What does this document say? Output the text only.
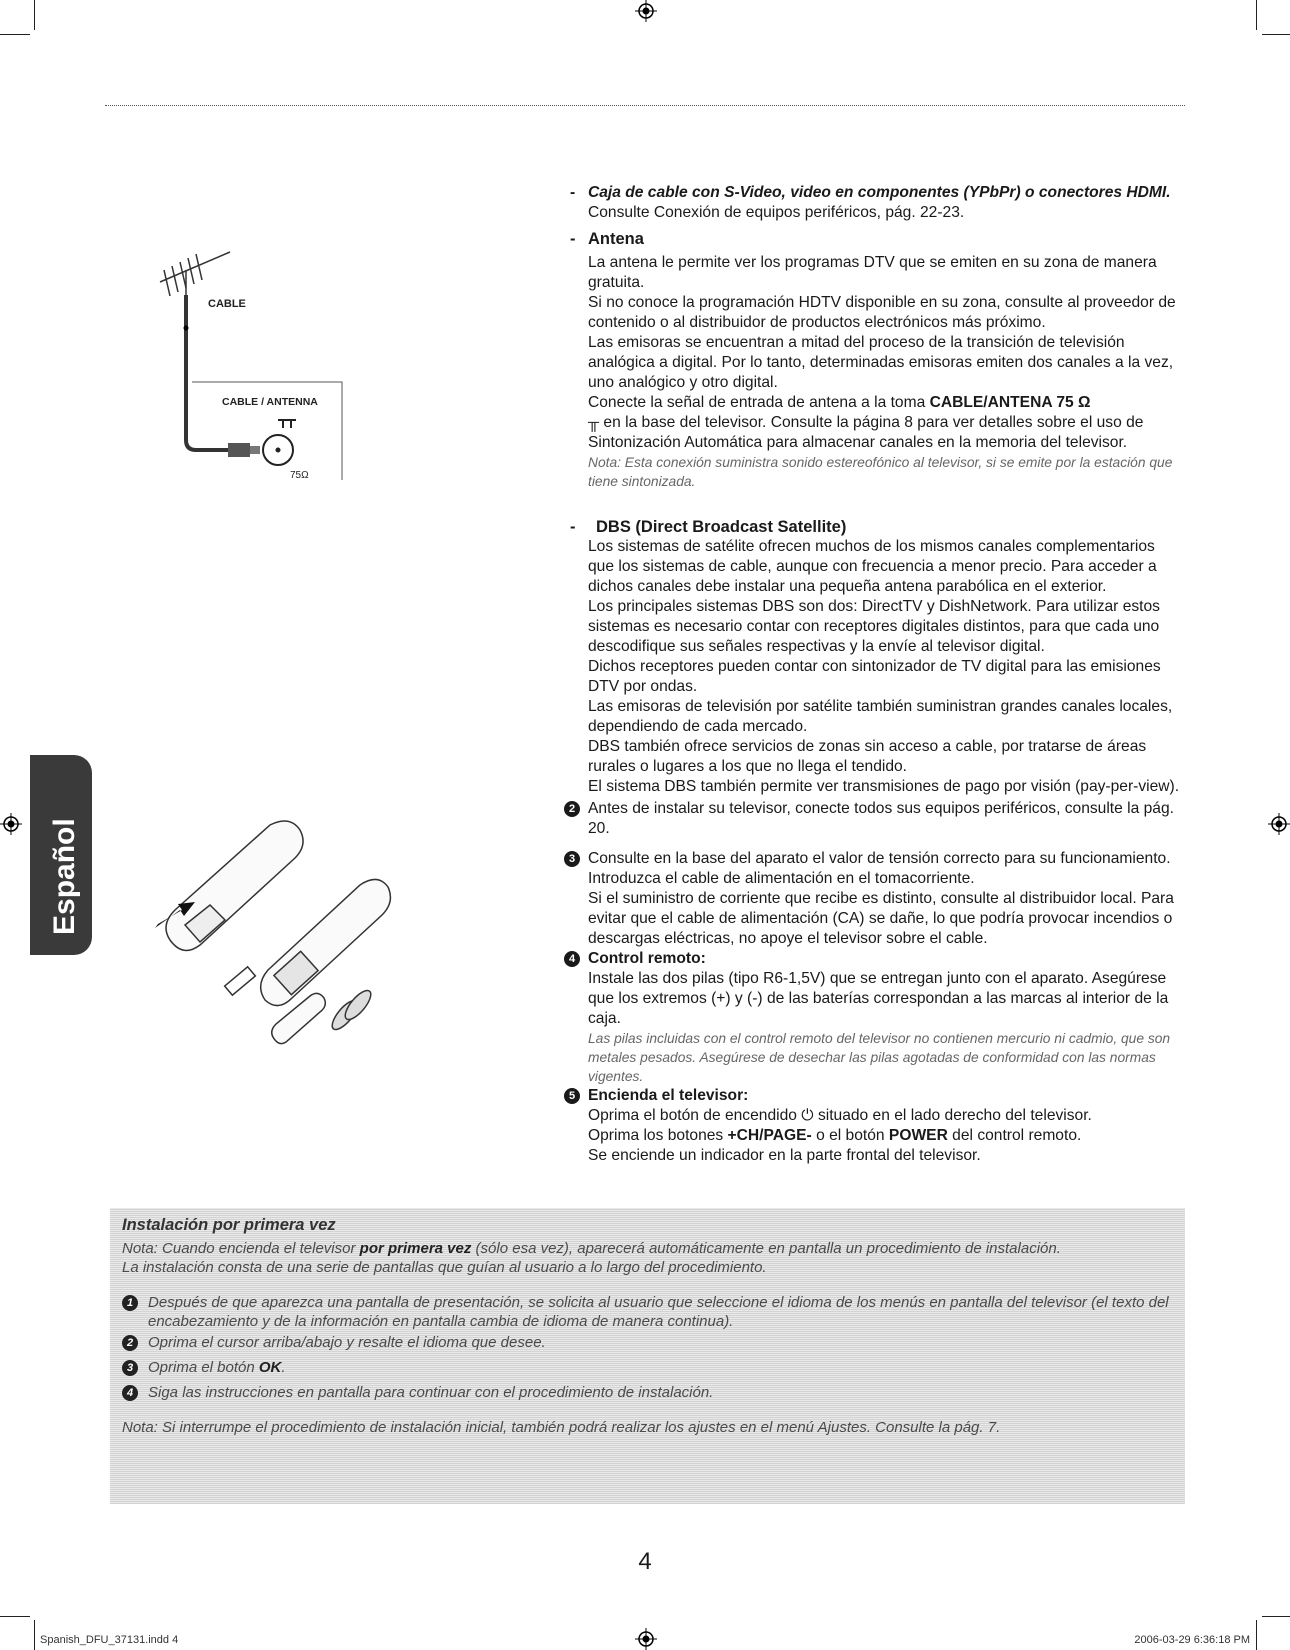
CABLE
CABLE / ANTENNA
75Ω
Español

- Caja de cable con S-Video, video en componentes (YPbPr) o conectores HDMI. Consulte Conexión de equipos periféricos, pág. 22-23.

- Antena

La antena le permite ver los programas DTV que se emiten en su zona de manera gratuita.

Si no conoce la programación HDTV disponible en su zona, consulte al proveedor de contenido o al distribuidor de productos electrónicos más próximo.

Las emisoras se encuentran a mitad del proceso de la transición de televisión analógica a digital. Por lo tanto, determinadas emisoras emiten dos canales a la vez, uno analógico y otro digital.

Conecte la señal de entrada de antena a la toma CABLE/ANTENA 75 Ω
╥ en la base del televisor. Consulte la página 8 para ver detalles sobre el uso de Sintonización Automática para almacenar canales en la memoria del televisor.

Nota: Esta conexión suministra sonido estereofónico al televisor, si se emite por la estación que tiene sintonizada.

- DBS (Direct Broadcast Satellite)

Los sistemas de satélite ofrecen muchos de los mismos canales complementarios que los sistemas de cable, aunque con frecuencia a menor precio. Para acceder a dichos canales debe instalar una pequeña antena parabólica en el exterior.

Los principales sistemas DBS son dos: DirectTV y DishNetwork. Para utilizar estos sistemas es necesario contar con receptores digitales distintos, para que cada uno descodifique sus señales respectivas y la envíe al televisor digital.

Dichos receptores pueden contar con sintonizador de TV digital para las emisiones DTV por ondas.

Las emisoras de televisión por satélite también suministran grandes canales locales, dependiendo de cada mercado.

DBS también ofrece servicios de zonas sin acceso a cable, por tratarse de áreas rurales o lugares a los que no llega el tendido.

El sistema DBS también permite ver transmisiones de pago por visión (pay-per-view).

2 Antes de instalar su televisor, conecte todos sus equipos periféricos, consulte la pág. 20.

3 Consulte en la base del aparato el valor de tensión correcto para su funcionamiento. Introduzca el cable de alimentación en el tomacorriente.

Si el suministro de corriente que recibe es distinto, consulte al distribuidor local. Para evitar que el cable de alimentación (CA) se dañe, lo que podría provocar incendios o descargas eléctricas, no apoye el televisor sobre el cable.

4 Control remoto:

Instale las dos pilas (tipo R6-1,5V) que se entregan junto con el aparato. Asegúrese que los extremos (+) y (-) de las baterías correspondan a las marcas al interior de la caja.

Las pilas incluidas con el control remoto del televisor no contienen mercurio ni cadmio, que son metales pesados. Asegúrese de desechar las pilas agotadas de conformidad con las normas vigentes.

5 Encienda el televisor:

Oprima el botón de encendido ⏻ situado en el lado derecho del televisor.

Oprima los botones +CH/PAGE- o el botón POWER del control remoto.

Se enciende un indicador en la parte frontal del televisor.

Instalación por primera vez

Nota: Cuando encienda el televisor por primera vez (sólo esa vez), aparecerá automáticamente en pantalla un procedimiento de instalación.

La instalación consta de una serie de pantallas que guían al usuario a lo largo del procedimiento.

1 Después de que aparezca una pantalla de presentación, se solicita al usuario que seleccione el idioma de los menús en pantalla del televisor (el texto del encabezamiento y de la información en pantalla cambia de idioma de manera continua).

2 Oprima el cursor arriba/abajo y resalte el idioma que desee.

3 Oprima el botón OK.

4 Siga las instrucciones en pantalla para continuar con el procedimiento de instalación.

Nota: Si interrumpe el procedimiento de instalación inicial, también podrá realizar los ajustes en el menú Ajustes. Consulte la pág. 7.

4
Spanish_DFU_37131.indd 4	2006-03-29 6:36:18 PM
